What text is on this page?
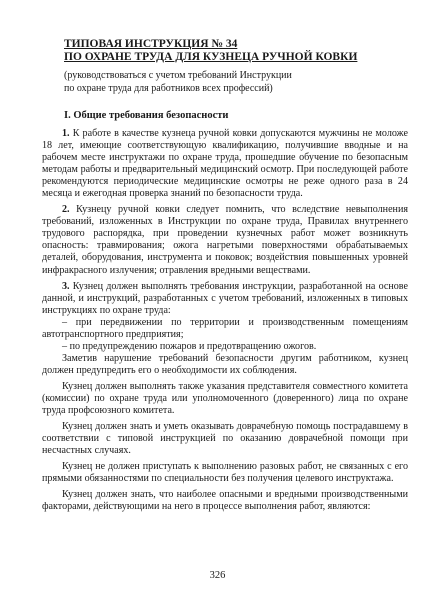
ТИПОВАЯ ИНСТРУКЦИЯ № 34
ПО ОХРАНЕ ТРУДА ДЛЯ КУЗНЕЦА РУЧНОЙ КОВКИ
(руководствоваться с учетом требований Инструкции
по охране труда для работников всех профессий)
I. Общие требования безопасности

1. К работе в качестве кузнеца ручной ковки допускаются мужчины не моложе 18 лет, имеющие соответствующую квалификацию, получившие вводные и на рабочем месте инструктажи по охране труда, прошедшие обучение по безопасным методам работы и предварительный медицинский осмотр. При последующей работе рекомендуются периодические медицинские осмотры не реже одного раза в 24 месяца и ежегодная проверка знаний по безопасности труда.

2. Кузнецу ручной ковки следует помнить, что вследствие невыполнения требований, изложенных в Инструкции по охране труда, Правилах внутреннего трудового распорядка, при проведении кузнечных работ может возникнуть опасность: травмирования; ожога нагретыми поверхностями обрабатываемых деталей, оборудования, инструмента и поковок; воздействия повышенных уровней инфракрасного излучения; отравления вредными веществами.

3. Кузнец должен выполнять требования инструкции, разработанной на основе данной, и инструкций, разработанных с учетом требований, изложенных в типовых инструкциях по охране труда:

– при передвижении по территории и производственным помещениям автотранспортного предприятия;

– по предупреждению пожаров и предотвращению ожогов.

Заметив нарушение требований безопасности другим работником, кузнец должен предупредить его о необходимости их соблюдения.

Кузнец должен выполнять также указания представителя совместного комитета (комиссии) по охране труда или уполномоченного (доверенного) лица по охране труда профсоюзного комитета.

Кузнец должен знать и уметь оказывать доврачебную помощь пострадавшему в соответствии с типовой инструкцией по оказанию доврачебной помощи при несчастных случаях.

Кузнец не должен приступать к выполнению разовых работ, не связанных с его прямыми обязанностями по специальности без получения целевого инструктажа.

Кузнец должен знать, что наиболее опасными и вредными производственными факторами, действующими на него в процессе выполнения работ, являются:

326
